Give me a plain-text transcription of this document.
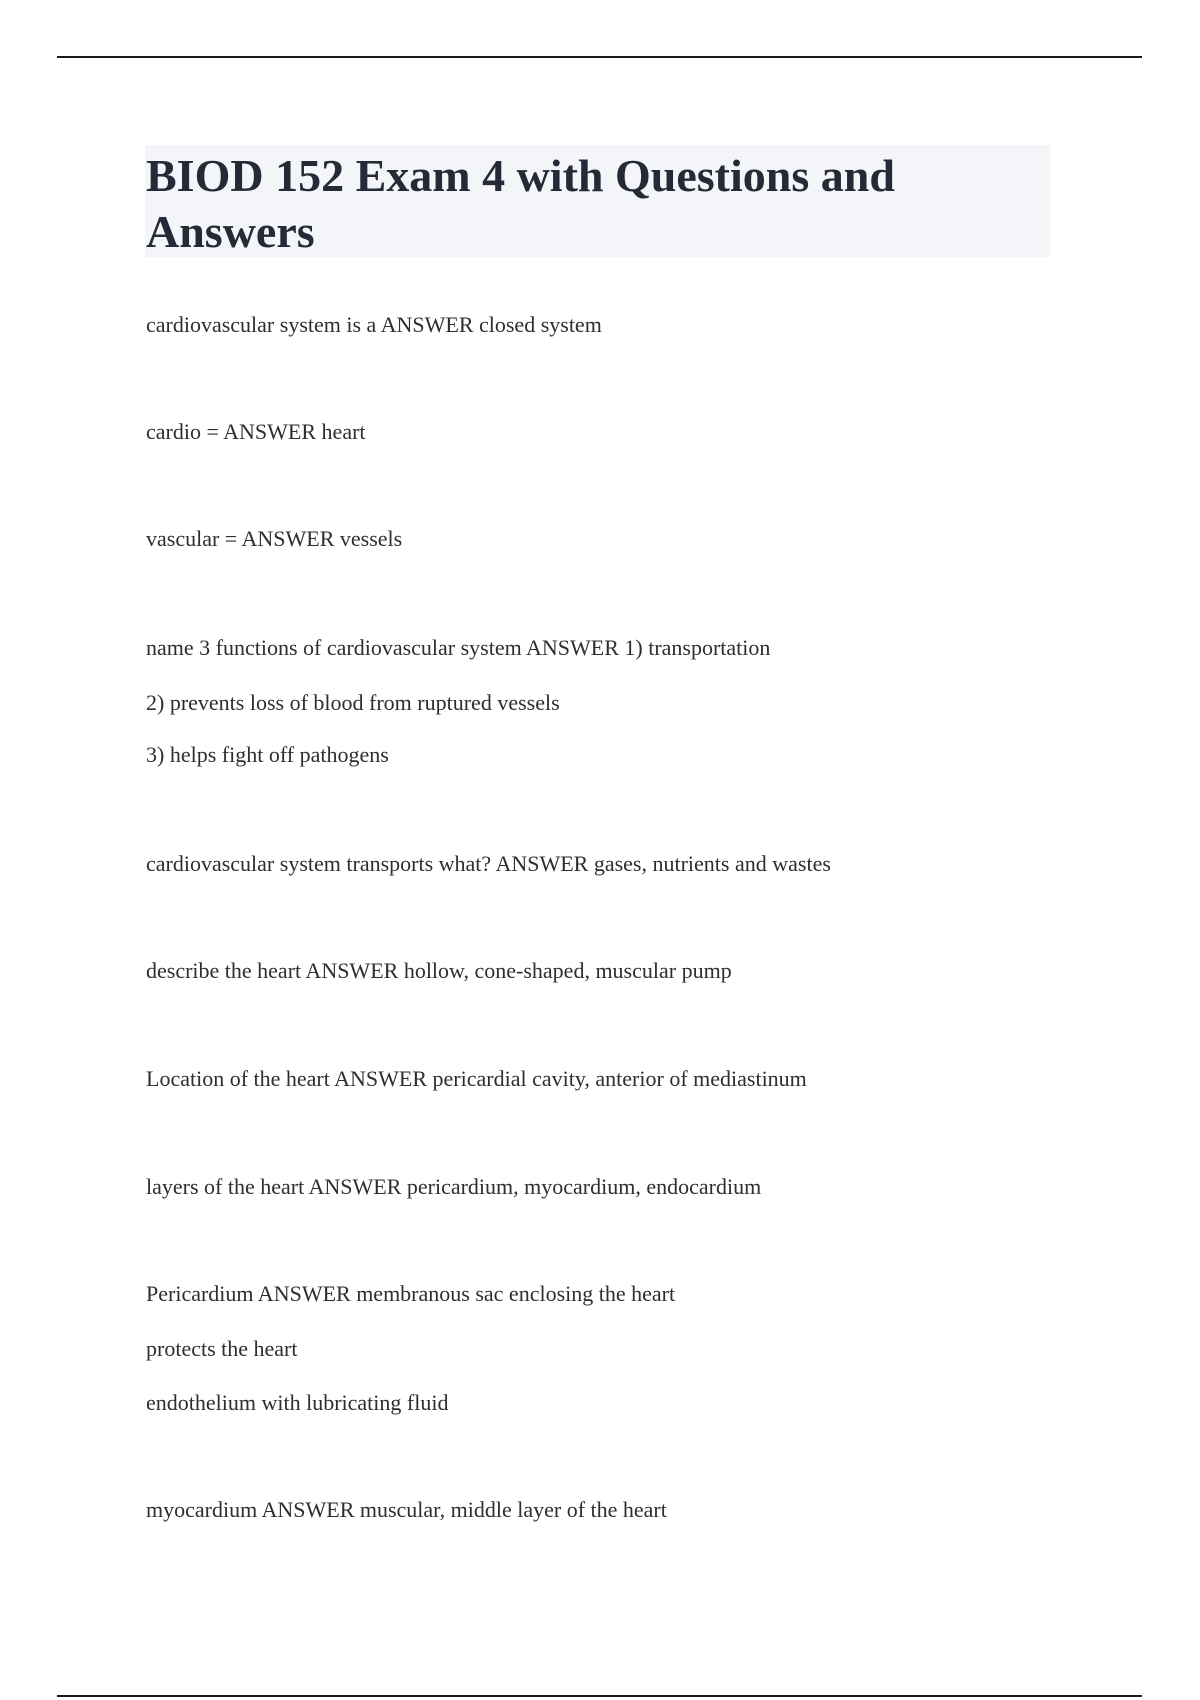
BIOD 152 Exam 4 with Questions and Answers
cardiovascular system is a ANSWER closed system
cardio = ANSWER heart
vascular = ANSWER vessels
name 3 functions of cardiovascular system ANSWER 1) transportation
2) prevents loss of blood from ruptured vessels
3) helps fight off pathogens
cardiovascular system transports what? ANSWER gases, nutrients and wastes
describe the heart ANSWER hollow, cone-shaped, muscular pump
Location of the heart ANSWER pericardial cavity, anterior of mediastinum
layers of the heart ANSWER pericardium, myocardium, endocardium
Pericardium ANSWER membranous sac enclosing the heart
protects the heart
endothelium with lubricating fluid
myocardium ANSWER muscular, middle layer of the heart
